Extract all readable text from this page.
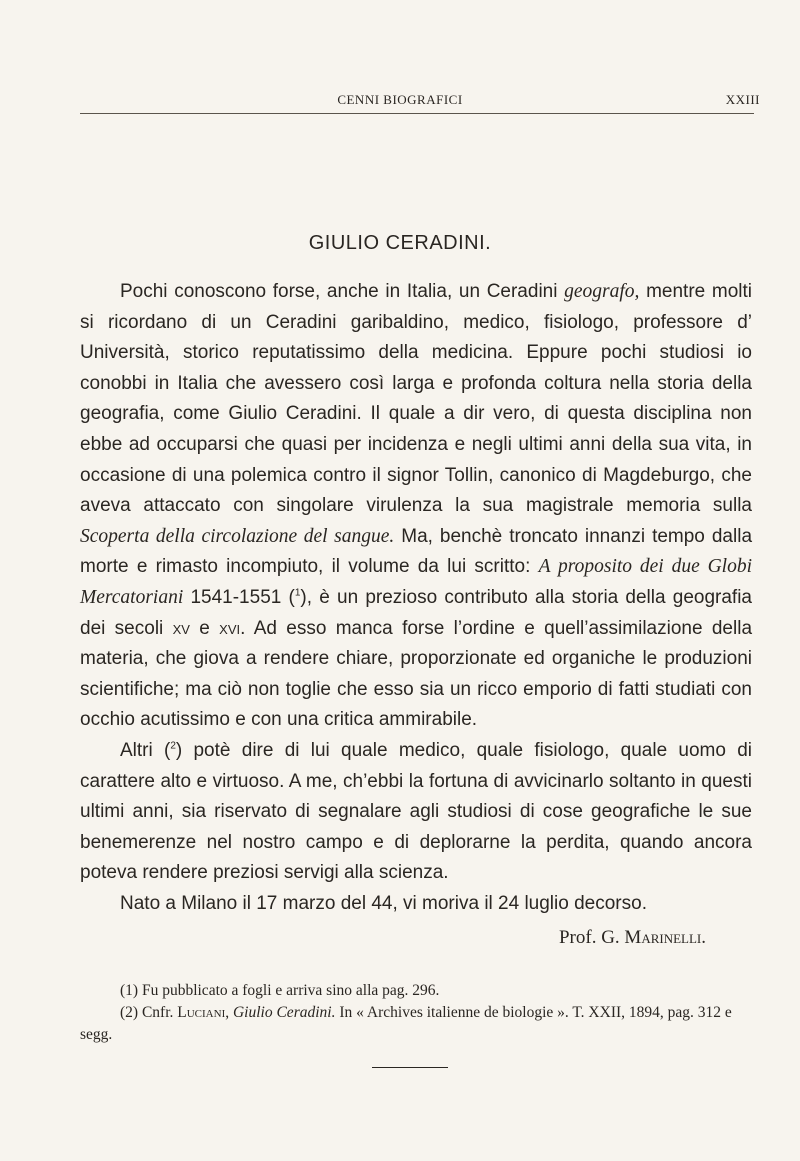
CENNI BIOGRAFICI	XXIII
GIULIO CERADINI.

Pochi conoscono forse, anche in Italia, un Ceradini geografo, mentre molti si ricordano di un Ceradini garibaldino, medico, fisiologo, professore d’ Università, storico reputatissimo della medicina. Eppure pochi studiosi io conobbi in Italia che avessero così larga e profonda coltura nella storia della geografia, come Giulio Ceradini. Il quale a dir vero, di questa disciplina non ebbe ad occuparsi che quasi per incidenza e negli ultimi anni della sua vita, in occasione di una polemica contro il signor Tollin, canonico di Magdeburgo, che aveva attaccato con singolare virulenza la sua magistrale memoria sulla Scoperta della circolazione del sangue. Ma, benchè troncato innanzi tempo dalla morte e rimasto incompiuto, il volume da lui scritto: A proposito dei due Globi Mercatoriani 1541-1551 ($^1$), è un prezioso contributo alla storia della geografia dei secoli xv e xvi. Ad esso manca forse l’ordine e quell’assimilazione della materia, che giova a rendere chiare, proporzionate ed organiche le produzioni scientifiche; ma ciò non toglie che esso sia un ricco emporio di fatti studiati con occhio acutissimo e con una critica ammirabile.

Altri ($^2$) potè dire di lui quale medico, quale fisiologo, quale uomo di carattere alto e virtuoso. A me, ch’ebbi la fortuna di avvicinarlo soltanto in questi ultimi anni, sia riservato di segnalare agli studiosi di cose geografiche le sue benemerenze nel nostro campo e di deplorarne la perdita, quando ancora poteva rendere preziosi servigi alla scienza.

Nato a Milano il 17 marzo del 44, vi moriva il 24 luglio decorso.

Prof. G. Marinelli.

(1) Fu pubblicato a fogli e arriva sino alla pag. 296.

(2) Cnfr. Luciani, Giulio Ceradini. In « Archives italienne de biologie ». T. XXII, 1894, pag. 312 e segg.
